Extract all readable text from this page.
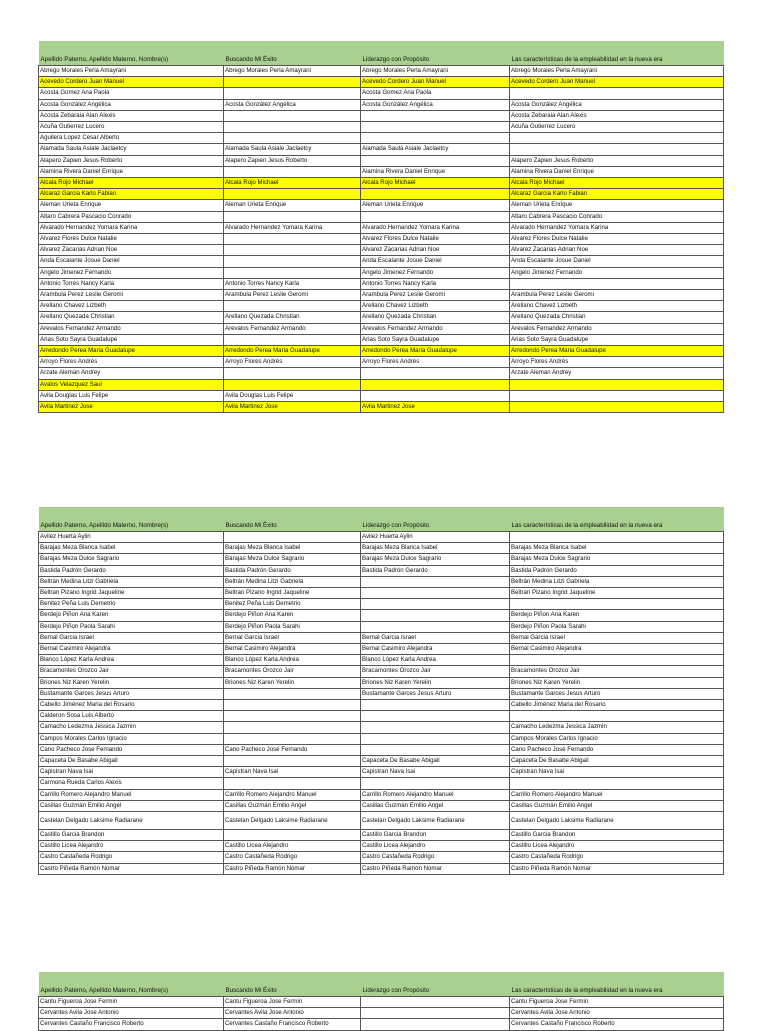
Apellido Paterno, Apellido Materno, Nombre(s)	Buscando Mi Éxito	Liderazgo con Propósito	Las características de la empleabilidad en la nueva era
Abrego Morales Perla Amayrani	Abrego Morales Perla Amayrani	Abrego Morales Perla Amayrani	Abrego Morales Perla Amayrani
Acevedo Cordero Juan Manuel		Acevedo Cordero Juan Manuel	Acevedo Cordero Juan Manuel
Acosta Gomez Ana Paola		Acosta Gomez Ana Paola	
Acosta González Angélica	Acosta González Angélica	Acosta González Angélica	Acosta González Angélica
Acosta Zebaraia Alan Alexis			Acosta Zebaraia Alan Alexis
Acuña Gutierrez Lucero			Acuña Gutierrez Lucero
Aguilera Lopez Cesar Alberto			
Alamada Saula Asiale Jaclaetcy	Alamada Saula Asiale Jaclaetcy	Alamada Saula Asiale Jaclaetcy	
Alapero Zapien Jesus Roberto	Alapero Zapien Jesus Roberto		Alapero Zapien Jesus Roberto
Alamina Rivera Daniel Enrique		Alamina Rivera Daniel Enrique	Alamina Rivera Daniel Enrique
Alcala Rojo Michael	Alcala Rojo Michael	Alcala Rojo Michael	Alcala Rojo Michael
Alcaraz Garcia Karlo Fabian			Alcaraz Garcia Karlo Fabian
Aleman Urieta Enrique	Aleman Urieta Enrique	Aleman Urieta Enrique	Aleman Urieta Enrique
Altaro Cabrera Pascacio Conrado			Altaro Cabrera Pascacio Conrado
Alvarado Hernandez Yomara Karina	Alvarado Hernandez Yomara Karina	Alvarado Hernandez Yomara Karina	Alvarado Hernandez Yomara Karina
Alvarez Flores Dulce Natalie		Alvarez Flores Dulce Natalie	Alvarez Flores Dulce Natalie
Alvarez Zacarias Adrian Noe		Alvarez Zacarias Adrian Noe	Alvarez Zacarias Adrian Noe
Anda Escalante Josue Daniel		Anda Escalante Josue Daniel	Anda Escalante Josue Daniel
Angelo Jimenez Fernando		Angelo Jimenez Fernando	Angelo Jimenez Fernando
Antonio Torres Nancy Karla	Antonio Torres Nancy Karla	Antonio Torres Nancy Karla	
Arambula Perez Leslie Geromi	Arambula Perez Leslie Geromi	Arambula Perez Leslie Geromi	Arambula Perez Leslie Geromi
Arellano Chavez Lizbeth		Arellano Chavez Lizbeth	Arellano Chavez Lizbeth
Arellano Quezada Christian	Arellano Quezada Christian	Arellano Quezada Christian	Arellano Quezada Christian
Arevalos Fernandez Armando	Arevalos Fernandez Armando	Arevalos Fernandez Armando	Arevalos Fernandez Armando
Arias Soto Sayra Guadalupe		Arias Soto Sayra Guadalupe	Arias Soto Sayra Guadalupe
Arredondo Perea Maria Guadalupe	Arredondo Perea Maria Guadalupe	Arredondo Perea Maria Guadalupe	Arredondo Perea Maria Guadalupe
Arroyo Flores Andrés	Arroyo Flores Andrés	Arroyo Flores Andrés	Arroyo Flores Andrés
Arzate Aleman Andrey			Arzate Aleman Andrey
Avalos Velazquez Saul			
Avila Douglas Luis Felipe	Avila Douglas Luis Felipe		
Avila Martinez Jose	Avila Martinez Jose	Avila Martinez Jose	
Apellido Paterno, Apellido Materno, Nombre(s)	Buscando Mi Éxito	Liderazgo con Propósito	Las características de la empleabilidad en la nueva era
Avilez Huerta Aylin		Avilez Huerta Aylin	
Barajas Meza Blanca Isabel	Barajas Meza Blanca Isabel	Barajas Meza Blanca Isabel	Barajas Meza Blanca Isabel
Barajas Meza Dulce Sagrario	Barajas Meza Dulce Sagrario	Barajas Meza Dulce Sagrario	Barajas Meza Dulce Sagrario
Bastida Padrón Gerardo	Bastida Padrón Gerardo	Bastida Padrón Gerardo	Bastida Padrón Gerardo
Beltrán Medina Litzi Gabriela	Beltrán Medina Litzi Gabriela		Beltrán Medina Litzi Gabriela
Beltran Pizano Ingrid Jaqueline	Beltran Pizano Ingrid Jaqueline		Beltran Pizano Ingrid Jaqueline
Benitez Peña Luis Demetrio	Benitez Peña Luis Demetrio		
Berdejo Piñon Ana Karen	Berdejo Piñon Ana Karen		Berdejo Piñon Ana Karen
Berdejo Piñon Paola Sarahi	Berdejo Piñon Paola Sarahi		Berdejo Piñon Paola Sarahi
Bernal Garcia Israel	Bernal Garcia Israel	Bernal Garcia Israel	Bernal Garcia Israel
Bernal Casimiro Alejandra	Bernal Casimiro Alejandra	Bernal Casimiro Alejandra	Bernal Casimiro Alejandra
Blanco López Karla Andrea	Blanco López Karla Andrea	Blanco López Karla Andrea	
Bracamontes Orozco Jair	Bracamontes Orozco Jair	Bracamontes Orozco Jair	Bracamontes Orozco Jair
Briones Niz Karen Yerelin	Briones Niz Karen Yerelin	Briones Niz Karen Yerelin	Briones Niz Karen Yerelin
Bustamante Garces Jesus Arturo		Bustamante Garces Jesus Arturo	Bustamante Garces Jesus Arturo
Cabello Jiménez Maria del Rosario			Cabello Jiménez Maria del Rosario
Calderon Sosa Luis Alberto			
Camacho Ledezma Jessica Jazmin			Camacho Ledezma Jessica Jazmin
Campos Morales Carlos Ignacio			Campos Morales Carlos Ignacio
Cano Pacheco Jose Fernando	Cano Pacheco José Fernando		Cano Pacheco José Fernando
Capaceta De Basabe Abigail		Capaceta De Basabe Abigail	Capaceta De Basabe Abigail
Capistran Nava Isai	Capistran Nava Isai	Capistran Nava Isai	Capistran Nava Isai
Carmona Rueda Carlos Alexis			
Carrillo Romero Alejandro Manuel	Carrillo Romero Alejandro Manuel	Carrillo Romero Alejandro Manuel	Carrillo Romero Alejandro Manuel
Casillas Guzmán Emilio Angel	Casillas Guzmán Emilio Angel	Casillas Guzmán Emilio Angel	Casillas Guzmán Emilio Angel
Castelan Delgado Laksime Radiarane	Castelan Delgado Laksime Radiarane	Castelan Delgado Laksime Radiarane	Castelan Delgado Laksime Radiarane
Castillo Garcia Brandon		Castillo Garcia Brandon	Castillo Garcia Brandon
Castillo Licea Alejandro	Castillo Licea Alejandro	Castillo Licea Alejandro	Castillo Licea Alejandro
Castro Castañeda Rodrigo	Castro Castañeda Rodrigo	Castro Castañeda Rodrigo	Castro Castañeda Rodrigo
Castro Piñeda Ramón Nomar	Castro Piñeda Ramón Nomar	Castro Piñeda Ramón Nomar	Castro Piñeda Ramón Nomar
Apellido Paterno, Apellido Materno, Nombre(s)	Buscando Mi Éxito	Liderazgo con Propósito	Las características de la empleabilidad en la nueva era
Cantu Figueroa Jose Fermin	Cantu Figueroa Jose Fermin		Cantu Figueroa Jose Fermin
Cervantes Avila Jose Antonio	Cervantes Avila Jose Antonio		Cervantes Avila Jose Antonio
Cervantes Castaño Francisco Roberto	Cervantes Castaño Francisco Roberto		Cervantes Castaño Francisco Roberto
